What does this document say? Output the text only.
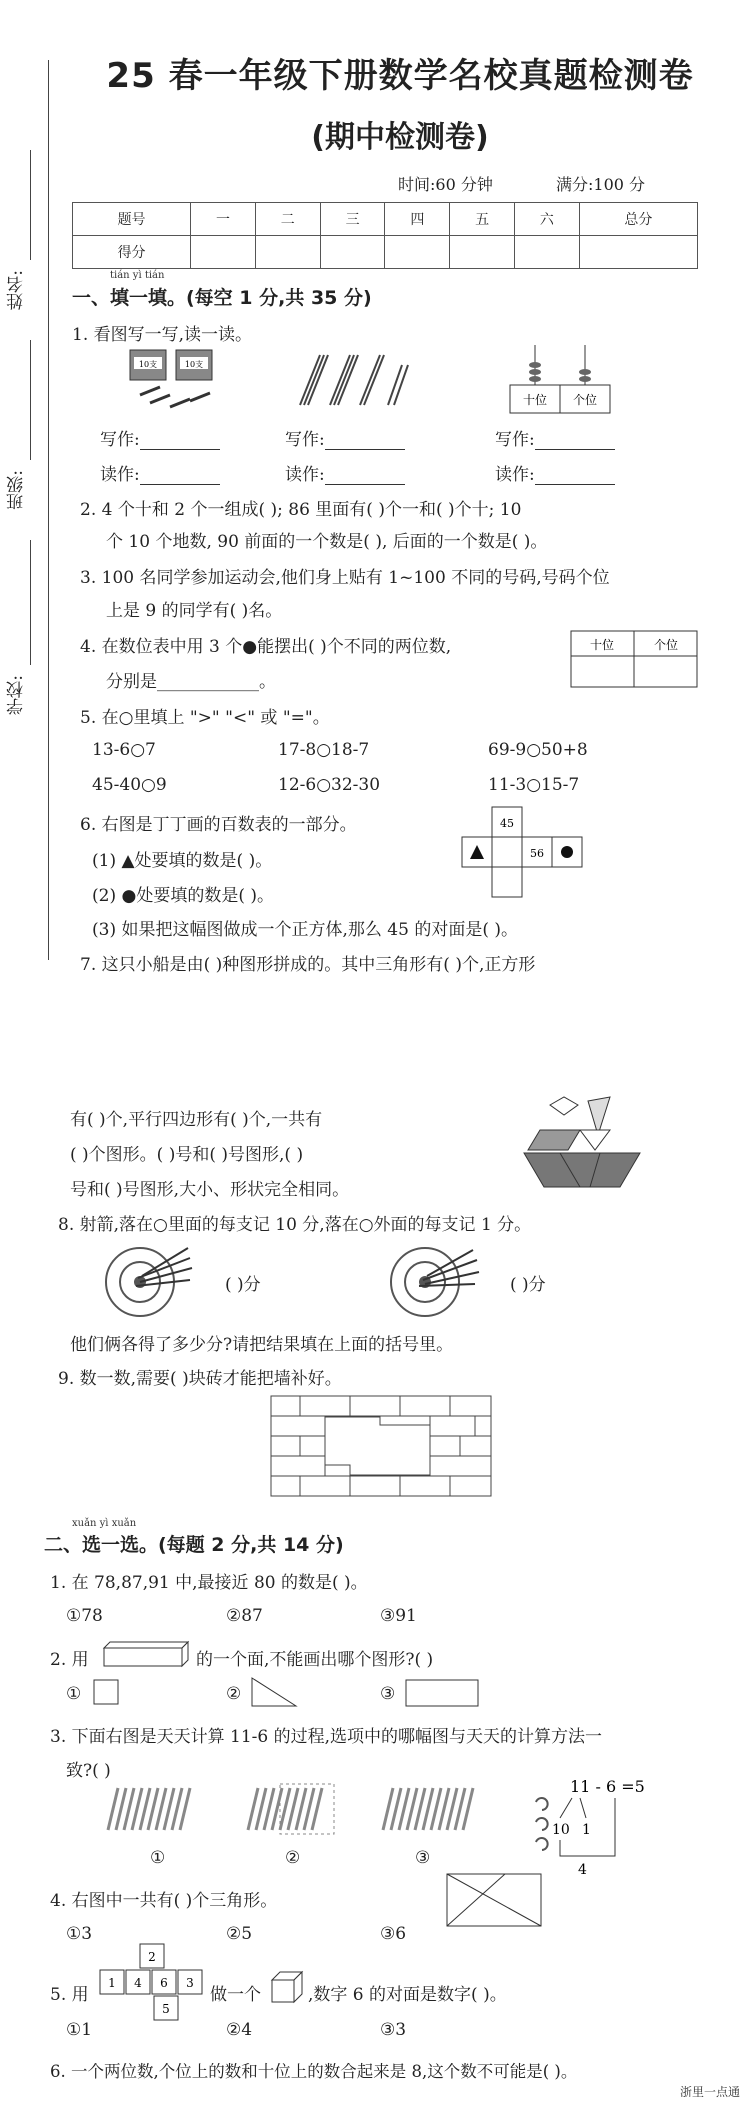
姓名:
班级:
学校:
25 春一年级下册数学名校真题检测卷
(期中检测卷)
时间:60 分钟	满分:100 分
题号	一	二	三	四	五	六	总分
得分							
tián yì tián
一、填一填。(每空 1 分,共 35 分)
1. 看图写一写,读一读。
10支	10支
十位 个位
写作:	写作:	写作:
读作:	读作:	读作:
2. 4 个十和 2 个一组成( ); 86 里面有( )个一和( )个十; 10
个 10 个地数, 90 前面的一个数是( ), 后面的一个数是( )。
3. 100 名同学参加运动会,他们身上贴有 1~100 不同的号码,号码个位
上是 9 的同学有( )名。
4. 在数位表中用 3 个●能摆出( )个不同的两位数,
分别是____________。
十位	个位
5. 在○里填上 ">" "<" 或 "="。
13-6○7	17-8○18-7	69-9○50+8
45-40○9	12-6○32-30	11-3○15-7
6. 右图是丁丁画的百数表的一部分。
(1) ▲处要填的数是( )。
(2) ●处要填的数是( )。
(3) 如果把这幅图做成一个正方体,那么 45 的对面是( )。
45
56
7. 这只小船是由( )种图形拼成的。其中三角形有( )个,正方形
有( )个,平行四边形有( )个,一共有
( )个图形。( )号和( )号图形,( )
号和( )号图形,大小、形状完全相同。
8. 射箭,落在○里面的每支记 10 分,落在○外面的每支记 1 分。
( )分	( )分
他们俩各得了多少分?请把结果填在上面的括号里。
9. 数一数,需要( )块砖才能把墙补好。
xuǎn yì xuǎn
二、选一选。(每题 2 分,共 14 分)
1. 在 78,87,91 中,最接近 80 的数是( )。
①78	②87	③91
2. 用	的一个面,不能画出哪个图形?( )
①	②	③
3. 下面右图是天天计算 11-6 的过程,选项中的哪幅图与天天的计算方法一
致?( )
①	②	③
11 - 6 =5
10 1
4
4. 右图中一共有( )个三角形。
①3	②5	③6
5. 用
2
1 4 6 3
5
做一个	,数字 6 的对面是数字( )。
①1	②4	③3
6. 一个两位数,个位上的数和十位上的数合起来是 8,这个数不可能是( )。
浙里一点通
